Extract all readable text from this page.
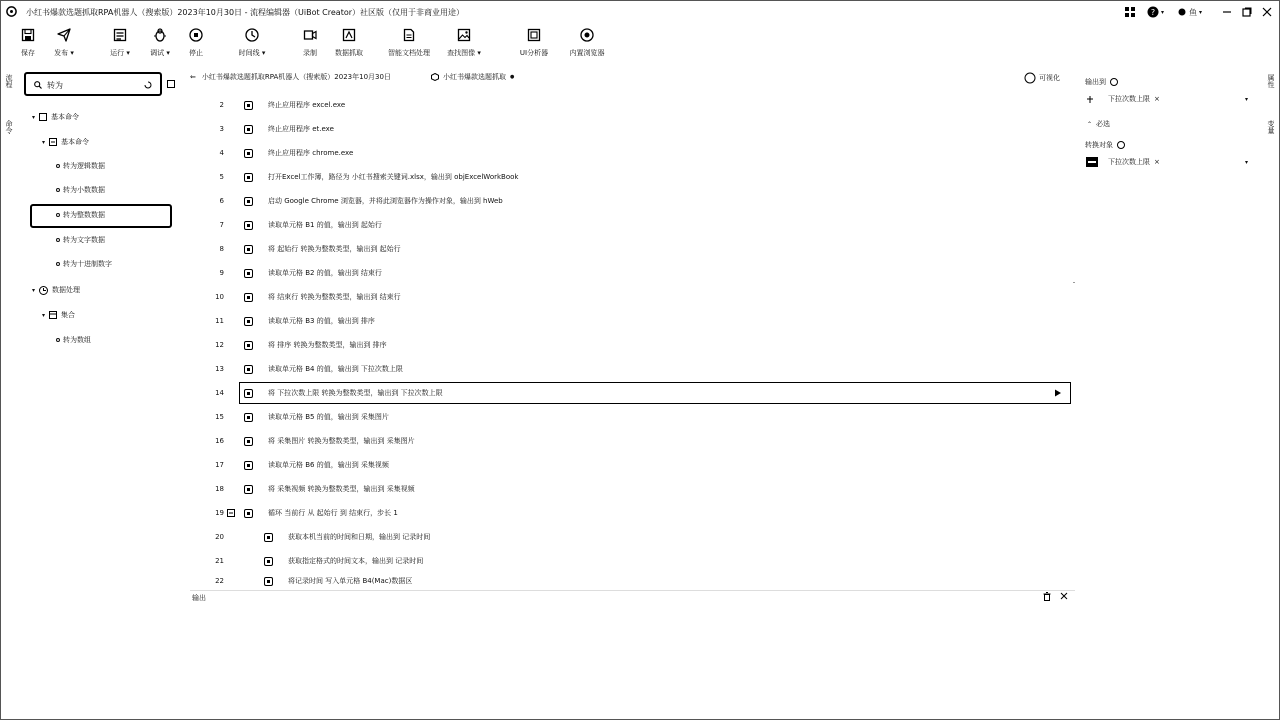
小红书爆款选题抓取RPA机器人（搜索版）2023年10月30日 - 流程编辑器（UiBot Creator）社区版（仅用于非商业用途）	? ▾	鱼 ▾
保存	发布 ▾	运行 ▾	调试 ▾	停止	时间线 ▾	录制	数据抓取	智能文档处理 查找图像 ▾	UI分析器	内置浏览器
流程
命令
转为
▾ 基本命令
▾ 基本命令
转为逻辑数据
转为小数数据
转为整数数据
转为文字数据
转为十进制数字
▾ 数据处理
▾ 集合
转为数组
⇐ 小红书爆款选题抓取RPA机器人（搜索版）2023年10月30日	小红书爆款选题抓取 ●	可视化
2	终止应用程序 excel.exe
3	终止应用程序 et.exe
4	终止应用程序 chrome.exe
5	打开Excel工作簿，路径为 小红书搜索关键词.xlsx，输出到 objExcelWorkBook
6	启动 Google Chrome 浏览器，并将此浏览器作为操作对象，输出到 hWeb
7	读取单元格 B1 的值，输出到 起始行
8	将 起始行 转换为整数类型，输出到 起始行
9	读取单元格 B2 的值，输出到 结束行
10	将 结束行 转换为整数类型，输出到 结束行
11	读取单元格 B3 的值，输出到 排序
12	将 排序 转换为整数类型，输出到 排序
13	读取单元格 B4 的值，输出到 下拉次数上限
14	将 下拉次数上限 转换为整数类型，输出到 下拉次数上限
15	读取单元格 B5 的值，输出到 采集图片
16	将 采集图片 转换为整数类型，输出到 采集图片
17	读取单元格 B6 的值，输出到 采集视频
18	将 采集视频 转换为整数类型，输出到 采集视频
19	循环 当前行 从 起始行 到 结束行，步长 1
20	获取本机当前的时间和日期，输出到 记录时间
21	获取指定格式的时间文本，输出到 记录时间
22	将记录时间 写入单元格 B4(Mac)数据区
输出
输出到
下拉次数上限 ×	▾
⌃ 必选
转换对象
下拉次数上限 ×	▾
属性
变量
